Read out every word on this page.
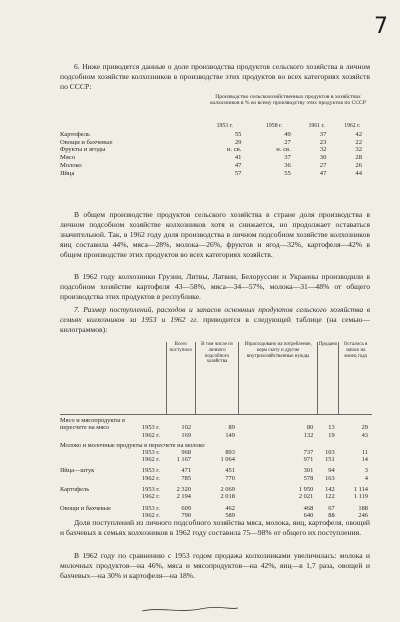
7

6. Ниже приводятся данные о доле производства продуктов сельского хозяйства в личном подсобном хозяйстве колхозников в производстве этих продуктов во всех категориях хозяйств по СССР:

Производство сельскохозяйственных продуктов в хозяйствах колхозников в % ко всему производству этих продуктов по СССР
	1953 г.	1958 г.	1961 г.	1962 г.
Картофель	55	49	37	42
Овощи и бахчевые	29	27	23	22
Фрукты и ягоды	н. св.	н. св.	32	32
Мясо	41	37	30	28
Молоко	47	36	27	26
Яйца	57	55	47	44

В общем производстве продуктов сельского хозяйства в стране доля производства в личном подсобном хозяйстве колхозников хотя и снижается, но продолжает оставаться значительной. Так, в 1962 году доля производства в личном подсобном хозяйстве колхозников яиц составила 44%, мяса—28%, молока—26%, фруктов и ягод—32%, картофеля—42% в общем производстве этих продуктов во всех категориях хозяйств.

В 1962 году колхозники Грузии, Литвы, Латвии, Белоруссии и Украины производили в подсобном хозяйстве картофеля 43—58%, мяса—34—57%, молока—31—48% от общего производства этих продуктов в республике.

7. Размер поступлений, расходов и запасов основных продуктов сельского хозяйства в семьях колхозников за 1953 и 1962 гг. приводится в следующей таблице (на семью—килограммов):

		Всего поступило	В том числе из личного подсобного хозяйства	Израсходовано на потребление, корм скоту и другие внутрихозяйственные нужды	Продано	Осталось в запасе на конец года

Мясо и мясопродукты в пересчете на мясо	1953 г.	102	89	80	13	29
	1962 г.	169	149	132	19	43
Молоко и молочные продукты в пересчете на молоко						
	1953 г.	968	893	737	103	11
	1962 г.	1 167	1 064	971	151	14
Яйца—штук	1953 г.	471	451	301	94	3
	1962 г.	785	770	578	163	4
Картофель	1953 г.	2 320	2 069	1 950	142	1 114
	1962 г.	2 194	2 018	2 021	122	1 119
Овощи и бахчевые	1953 г.	609	462	468	67	188
	1962 г.	790	589	640	88	246

Доля поступлений из личного подсобного хозяйства мяса, молока, яиц, картофеля, овощей и бахчевых в семьях колхозников в 1962 году составила 75—98% от общего их поступления.

В 1962 году по сравнению с 1953 годом продажа колхозниками увеличилась: молока и молочных продуктов—на 46%, мяса и мясопродуктов—на 42%, яиц—в 1,7 раза, овощей и бахчевых—на 30% и картофеля—на 18%.
